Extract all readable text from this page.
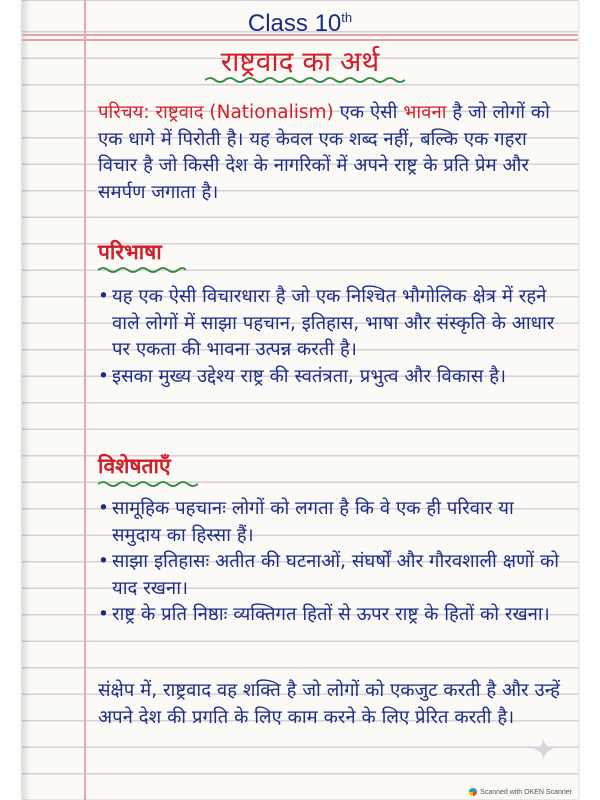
Class 10th
राष्ट्रवाद का अर्थ

परिचय: राष्ट्रवाद (Nationalism) एक ऐसी भावना है जो लोगों को एक धागे में पिरोती है। यह केवल एक शब्द नहीं, बल्कि एक गहरा विचार है जो किसी देश के नागरिकों में अपने राष्ट्र के प्रति प्रेम और समर्पण जगाता है।

परिभाषा
• यह एक ऐसी विचारधारा है जो एक निश्चित भौगोलिक क्षेत्र में रहने वाले लोगों में साझा पहचान, इतिहास, भाषा और संस्कृति के आधार पर एकता की भावना उत्पन्न करती है।
• इसका मुख्य उद्देश्य राष्ट्र की स्वतंत्रता, प्रभुत्व और विकास है।
विशेषताएँ
• सामूहिक पहचानः लोगों को लगता है कि वे एक ही परिवार या समुदाय का हिस्सा हैं।
• साझा इतिहासः अतीत की घटनाओं, संघर्षों और गौरवशाली क्षणों को याद रखना।
• राष्ट्र के प्रति निष्ठाः व्यक्तिगत हितों से ऊपर राष्ट्र के हितों को रखना।

संक्षेप में, राष्ट्रवाद वह शक्ति है जो लोगों को एकजुट करती है और उन्हें अपने देश की प्रगति के लिए काम करने के लिए प्रेरित करती है।

✦
Scanned with OKEN Scanner
